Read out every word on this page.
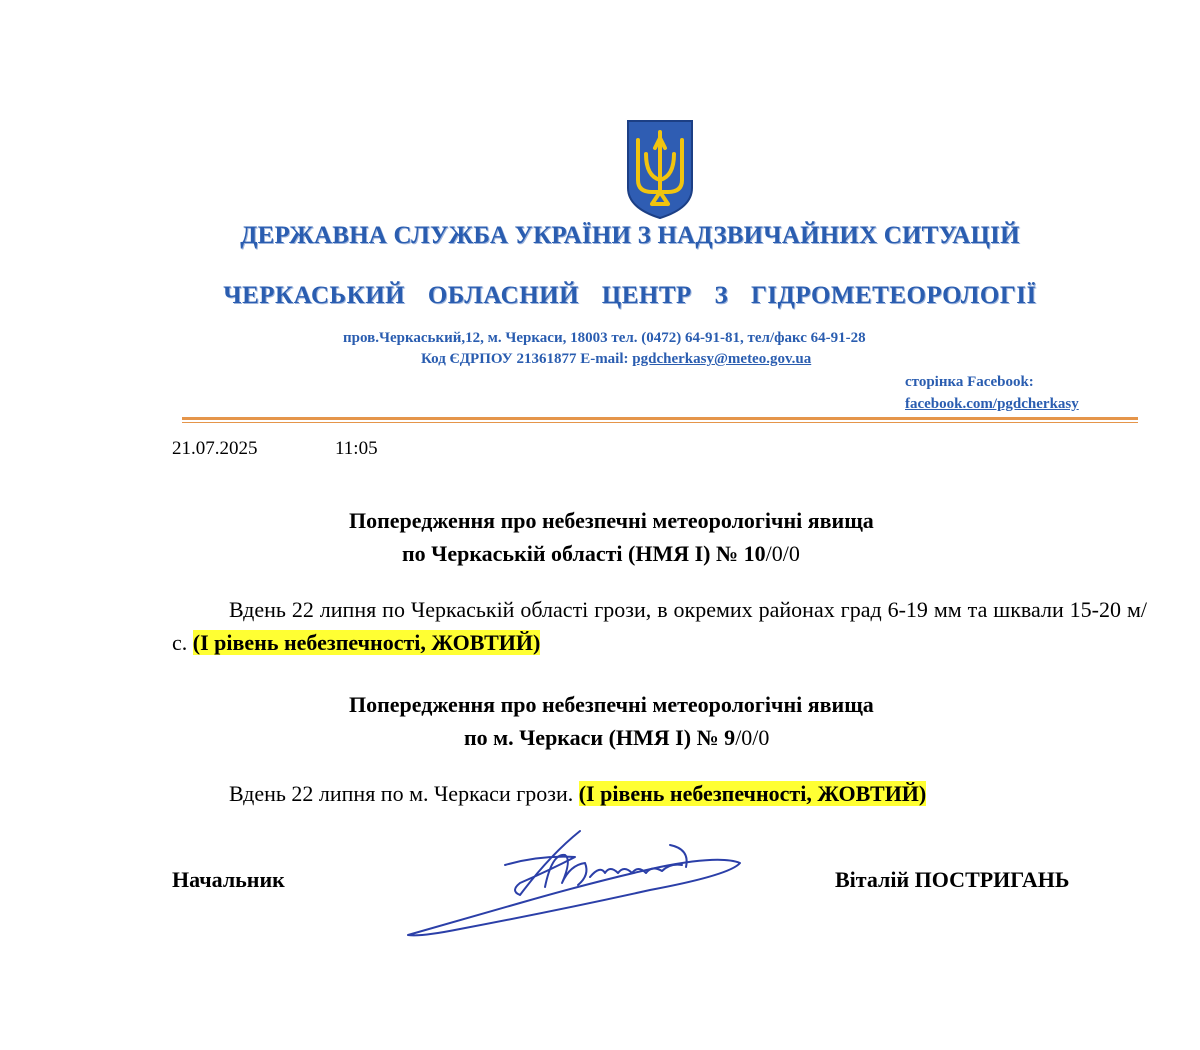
ДЕРЖАВНА СЛУЖБА УКРАЇНИ З НАДЗВИЧАЙНИХ СИТУАЦІЙ
ЧЕРКАСЬКИЙ ОБЛАСНИЙ ЦЕНТР З ГІДРОМЕТЕОРОЛОГІЇ
пров.Черкаський,12, м. Черкаси, 18003 тел. (0472) 64-91-81, тел/факс 64-91-28
Код ЄДРПОУ 21361877 E-mail: pgdcherkasy@meteo.gov.ua
сторінка Facebook:
facebook.com/pgdcherkasy
21.07.2025	11:05
Попередження про небезпечні метеорологічні явища
по Черкаській області (НМЯ І) № 10/0/0
Вдень 22 липня по Черкаській області грози, в окремих районах град 6-19 мм та шквали 15-20 м/с. (І рівень небезпечності, ЖОВТИЙ)
Попередження про небезпечні метеорологічні явища
по м. Черкаси (НМЯ І) № 9/0/0
Вдень 22 липня по м. Черкаси грози. (І рівень небезпечності, ЖОВТИЙ)
Начальник	Віталій ПОСТРИГАНЬ
